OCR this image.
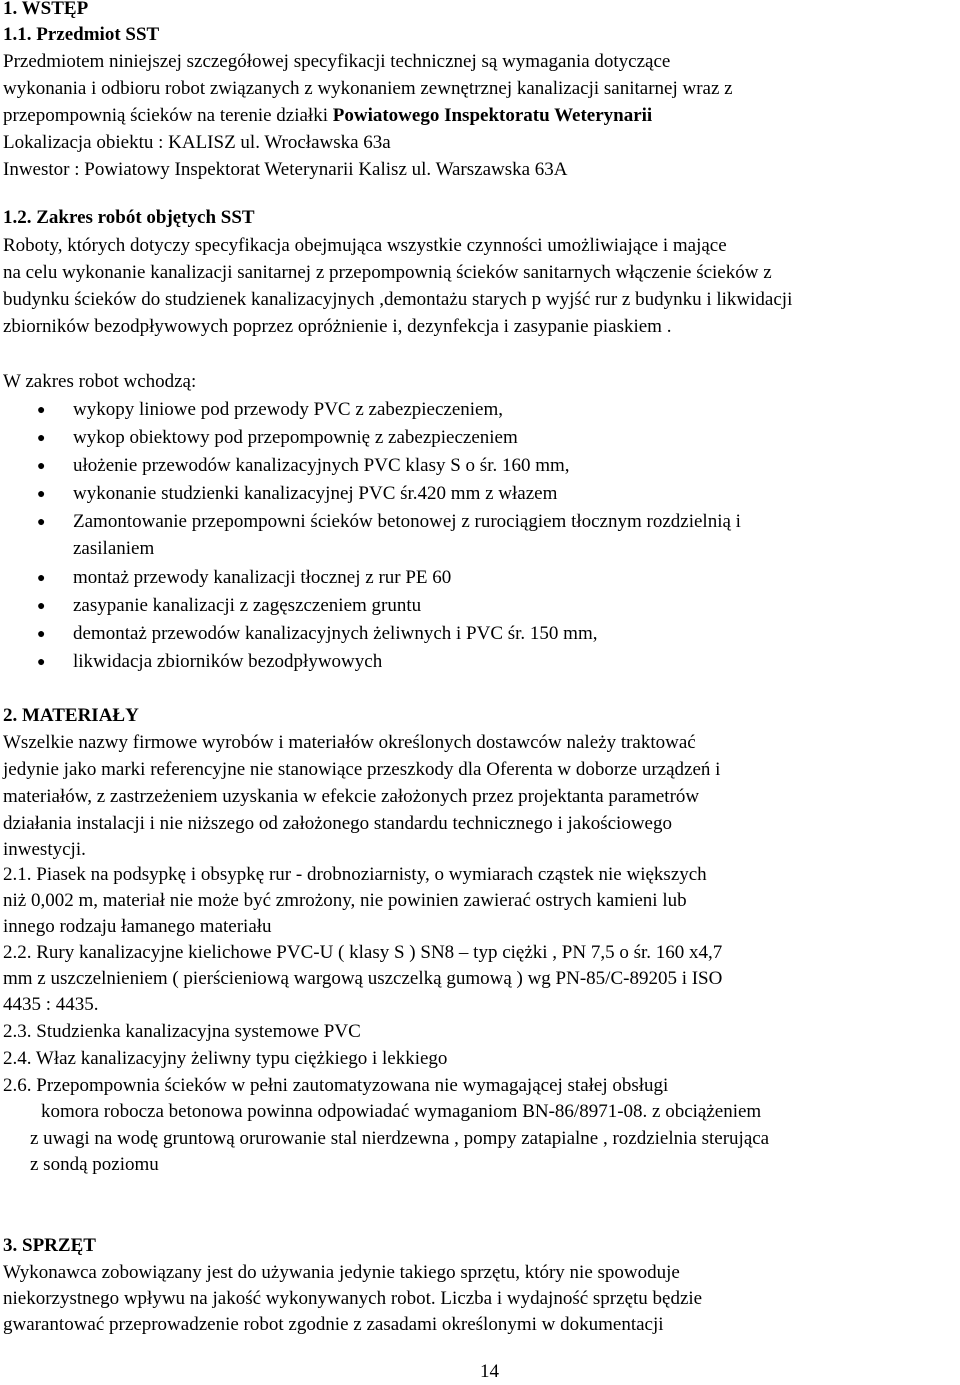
1. WSTĘP
1.1. Przedmiot SST
Przedmiotem niniejszej szczegółowej specyfikacji technicznej są wymagania dotyczące
wykonania i odbioru robot związanych z wykonaniem zewnętrznej kanalizacji sanitarnej wraz z
przepompownią ścieków na terenie działki Powiatowego Inspektoratu Weterynarii
Lokalizacja obiektu : KALISZ ul. Wrocławska 63a
Inwestor : Powiatowy Inspektorat Weterynarii Kalisz ul. Warszawska 63A
1.2. Zakres robót objętych SST
Roboty, których dotyczy specyfikacja obejmująca wszystkie czynności umożliwiające i mające
na celu wykonanie kanalizacji sanitarnej z przepompownią ścieków sanitarnych włączenie ścieków z
budynku ścieków do studzienek kanalizacyjnych ,demontażu starych p wyjść rur z budynku i likwidacji
zbiorników bezodpływowych poprzez opróżnienie i, dezynfekcja i zasypanie piaskiem .
W zakres robot wchodzą:
● wykopy liniowe pod przewody PVC z zabezpieczeniem,
● wykop obiektowy pod przepompownię z zabezpieczeniem
● ułożenie przewodów kanalizacyjnych PVC klasy S o śr. 160 mm,
● wykonanie studzienki kanalizacyjnej PVC śr.420 mm z włazem
● Zamontowanie przepompowni ścieków betonowej z rurociągiem tłocznym rozdzielnią i
zasilaniem
● montaż przewody kanalizacji tłocznej z rur PE 60
● zasypanie kanalizacji z zagęszczeniem gruntu
● demontaż przewodów kanalizacyjnych żeliwnych i PVC śr. 150 mm,
● likwidacja zbiorników bezodpływowych
2. MATERIAŁY
Wszelkie nazwy firmowe wyrobów i materiałów określonych dostawców należy traktować
jedynie jako marki referencyjne nie stanowiące przeszkody dla Oferenta w doborze urządzeń i
materiałów, z zastrzeżeniem uzyskania w efekcie założonych przez projektanta parametrów
działania instalacji i nie niższego od założonego standardu technicznego i jakościowego
inwestycji.
2.1. Piasek na podsypkę i obsypkę rur - drobnoziarnisty, o wymiarach cząstek nie większych
niż 0,002 m, materiał nie może być zmrożony, nie powinien zawierać ostrych kamieni lub
innego rodzaju łamanego materiału
2.2. Rury kanalizacyjne kielichowe PVC-U ( klasy S ) SN8 – typ ciężki , PN 7,5 o śr. 160 x4,7
mm z uszczelnieniem ( pierścieniową wargową uszczelką gumową ) wg PN-85/C-89205 i ISO
4435 : 4435.
2.3. Studzienka kanalizacyjna systemowe PVC
2.4. Właz kanalizacyjny żeliwny typu ciężkiego i lekkiego
2.6. Przepompownia ścieków w pełni zautomatyzowana nie wymagającej stałej obsługi
komora robocza betonowa powinna odpowiadać wymaganiom BN-86/8971-08. z obciążeniem
z uwagi na wodę gruntową orurowanie stal nierdzewna , pompy zatapialne , rozdzielnia sterująca
z sondą poziomu
3. SPRZĘT
Wykonawca zobowiązany jest do używania jedynie takiego sprzętu, który nie spowoduje
niekorzystnego wpływu na jakość wykonywanych robot. Liczba i wydajność sprzętu będzie
gwarantować przeprowadzenie robot zgodnie z zasadami określonymi w dokumentacji
14
